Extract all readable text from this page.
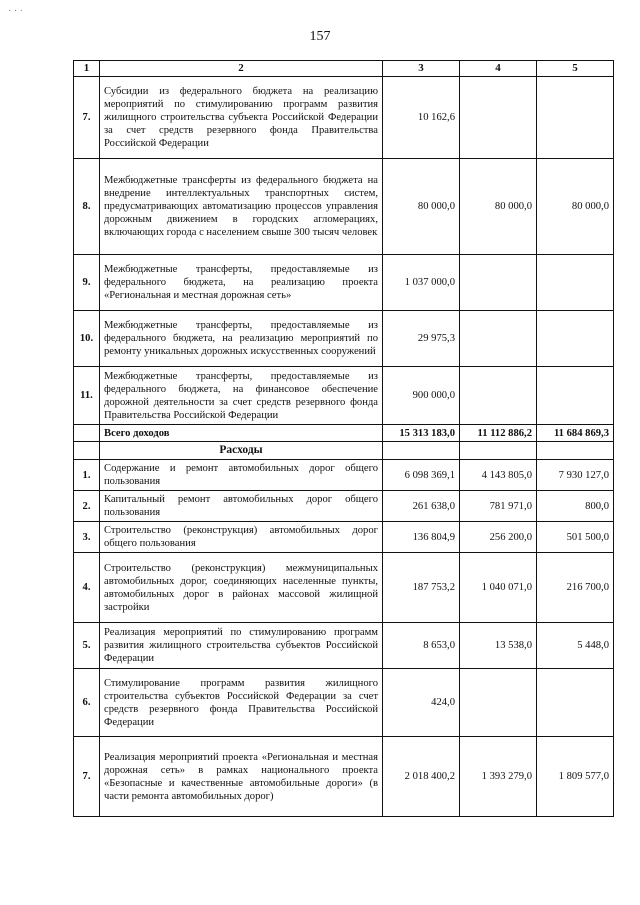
· · ·
157
1	2	3	4	5
7.	Субсидии из федерального бюджета на реализацию мероприятий по стимулированию программ развития жилищного строительства субъекта Российской Федерации за счет средств резервного фонда Правительства Российской Федерации	10 162,6		
8.	Межбюджетные трансферты из федерального бюджета на внедрение интеллектуальных транспортных систем, предусматривающих автоматизацию процессов управления дорожным движением в городских агломерациях, включающих города с населением свыше 300 тысяч человек	80 000,0	80 000,0	80 000,0
9.	Межбюджетные трансферты, предоставляемые из федерального бюджета, на реализацию проекта «Региональная и местная дорожная сеть»	1 037 000,0		
10.	Межбюджетные трансферты, предоставляемые из федерального бюджета, на реализацию мероприятий по ремонту уникальных дорожных искусственных сооружений	29 975,3		
11.	Межбюджетные трансферты, предоставляемые из федерального бюджета, на финансовое обеспечение дорожной деятельности за счет средств резервного фонда Правительства Российской Федерации	900 000,0		
	Всего доходов	15 313 183,0	11 112 886,2	11 684 869,3
	Расходы			
1.	Содержание и ремонт автомобильных дорог общего пользования	6 098 369,1	4 143 805,0	7 930 127,0
2.	Капитальный ремонт автомобильных дорог общего пользования	261 638,0	781 971,0	800,0
3.	Строительство (реконструкция) автомобильных дорог общего пользования	136 804,9	256 200,0	501 500,0
4.	Строительство (реконструкция) межмуниципальных автомобильных дорог, соединяющих населенные пункты, автомобильных дорог в районах массовой жилищной застройки	187 753,2	1 040 071,0	216 700,0
5.	Реализация мероприятий по стимулированию программ развития жилищного строительства субъектов Российской Федерации	8 653,0	13 538,0	5 448,0
6.	Стимулирование программ развития жилищного строительства субъектов Российской Федерации за счет средств резервного фонда Правительства Российской Федерации	424,0		
7.	Реализация мероприятий проекта «Региональная и местная дорожная сеть» в рамках национального проекта «Безопасные и качественные автомобильные дороги» (в части ремонта автомобильных дорог)	2 018 400,2	1 393 279,0	1 809 577,0
